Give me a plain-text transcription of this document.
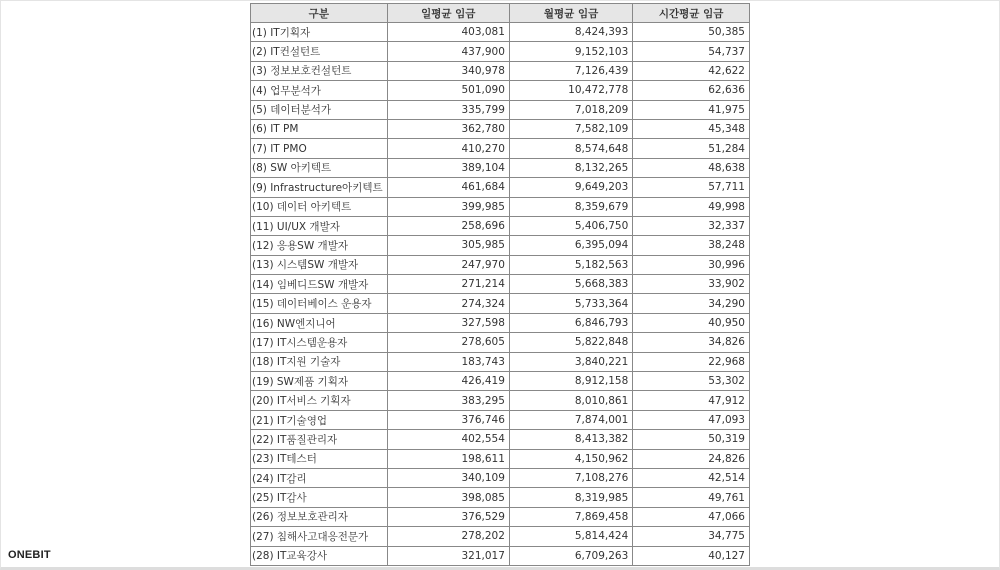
구분	일평균 임금	월평균 임금	시간평균 임금
(1) IT기획자	403,081	8,424,393	50,385
(2) IT컨설턴트	437,900	9,152,103	54,737
(3) 정보보호컨설턴트	340,978	7,126,439	42,622
(4) 업무분석가	501,090	10,472,778	62,636
(5) 데이터분석가	335,799	7,018,209	41,975
(6) IT PM	362,780	7,582,109	45,348
(7) IT PMO	410,270	8,574,648	51,284
(8) SW 아키텍트	389,104	8,132,265	48,638
(9) Infrastructure아키텍트	461,684	9,649,203	57,711
(10) 데이터 아키텍트	399,985	8,359,679	49,998
(11) UI/UX 개발자	258,696	5,406,750	32,337
(12) 응용SW 개발자	305,985	6,395,094	38,248
(13) 시스템SW 개발자	247,970	5,182,563	30,996
(14) 임베디드SW 개발자	271,214	5,668,383	33,902
(15) 데이터베이스 운용자	274,324	5,733,364	34,290
(16) NW엔지니어	327,598	6,846,793	40,950
(17) IT시스템운용자	278,605	5,822,848	34,826
(18) IT지원 기술자	183,743	3,840,221	22,968
(19) SW제품 기획자	426,419	8,912,158	53,302
(20) IT서비스 기획자	383,295	8,010,861	47,912
(21) IT기술영업	376,746	7,874,001	47,093
(22) IT품질관리자	402,554	8,413,382	50,319
(23) IT테스터	198,611	4,150,962	24,826
(24) IT감리	340,109	7,108,276	42,514
(25) IT감사	398,085	8,319,985	49,761
(26) 정보보호관리자	376,529	7,869,458	47,066
(27) 침해사고대응전문가	278,202	5,814,424	34,775
(28) IT교육강사	321,017	6,709,263	40,127
ONEBIT
